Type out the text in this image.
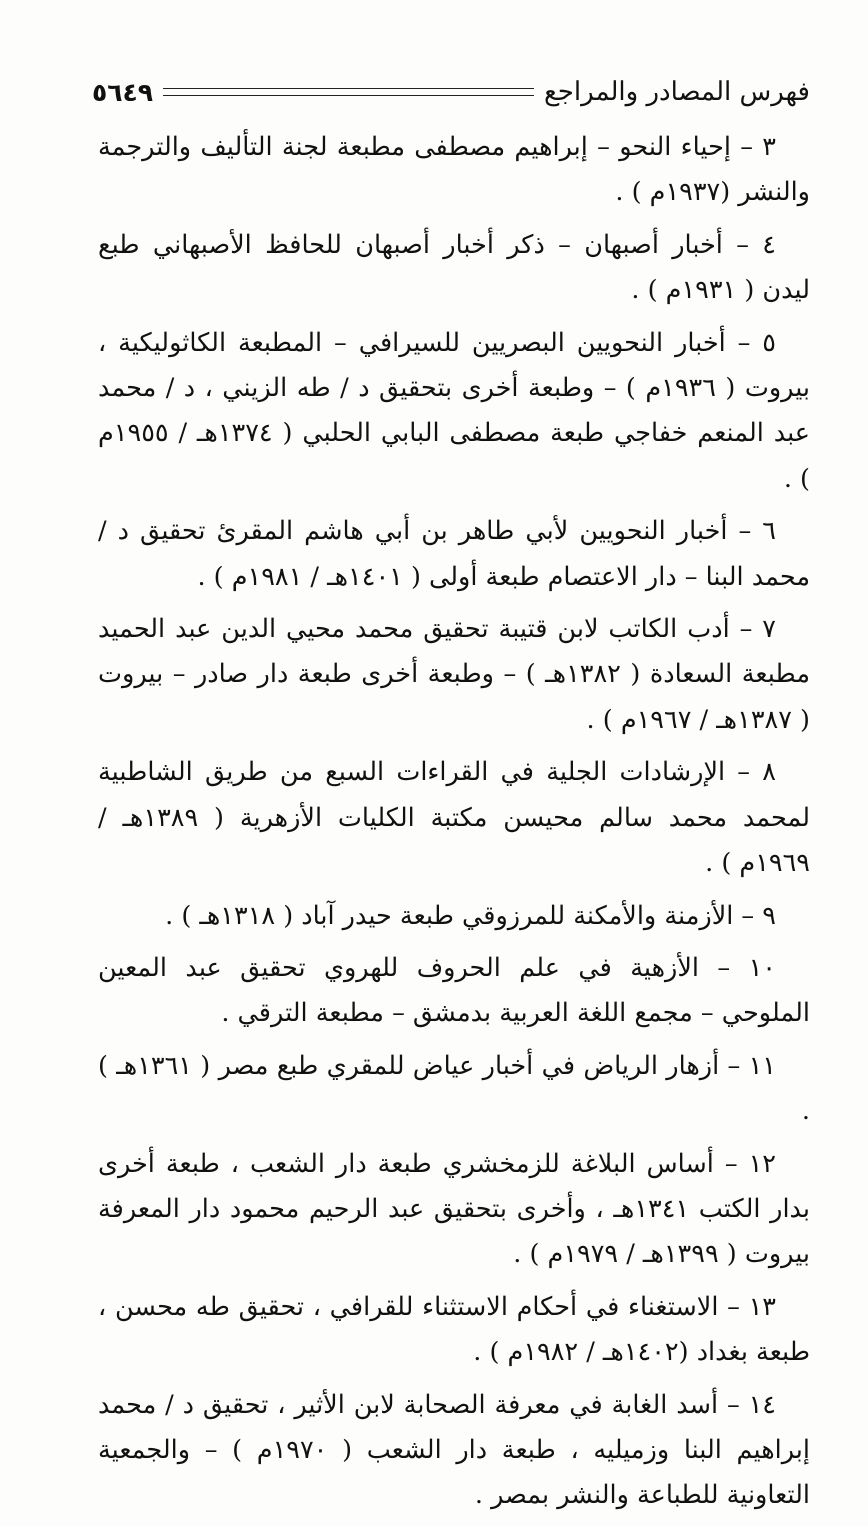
فهرس المصادر والمراجع
٥٦٤٩

٣ – إحياء النحو – إبراهيم مصطفى مطبعة لجنة التأليف والترجمة والنشر (١٩٣٧م ) .

٤ – أخبار أصبهان – ذكر أخبار أصبهان للحافظ الأصبهاني طبع ليدن ( ١٩٣١م ) .

٥ – أخبار النحويين البصريين للسيرافي – المطبعة الكاثوليكية ، بيروت ( ١٩٣٦م ) – وطبعة أخرى بتحقيق د / طه الزيني ، د / محمد عبد المنعم خفاجي طبعة مصطفى البابي الحلبي ( ١٣٧٤هـ / ١٩٥٥م ) .

٦ – أخبار النحويين لأبي طاهر بن أبي هاشم المقرئ تحقيق د / محمد البنا – دار الاعتصام طبعة أولى ( ١٤٠١هـ / ١٩٨١م ) .

٧ – أدب الكاتب لابن قتيبة تحقيق محمد محيي الدين عبد الحميد مطبعة السعادة ( ١٣٨٢هـ ) – وطبعة أخرى طبعة دار صادر – بيروت ( ١٣٨٧هـ / ١٩٦٧م ) .

٨ – الإرشادات الجلية في القراءات السبع من طريق الشاطبية لمحمد محمد سالم محيسن مكتبة الكليات الأزهرية ( ١٣٨٩هـ / ١٩٦٩م ) .

٩ – الأزمنة والأمكنة للمرزوقي طبعة حيدر آباد ( ١٣١٨هـ ) .

١٠ – الأزهية في علم الحروف للهروي تحقيق عبد المعين الملوحي – مجمع اللغة العربية بدمشق – مطبعة الترقي .

١١ – أزهار الرياض في أخبار عياض للمقري طبع مصر ( ١٣٦١هـ ) .

١٢ – أساس البلاغة للزمخشري طبعة دار الشعب ، طبعة أخرى بدار الكتب ١٣٤١هـ ، وأخرى بتحقيق عبد الرحيم محمود دار المعرفة بيروت ( ١٣٩٩هـ / ١٩٧٩م ) .

١٣ – الاستغناء في أحكام الاستثناء للقرافي ، تحقيق طه محسن ، طبعة بغداد (١٤٠٢هـ / ١٩٨٢م ) .

١٤ – أسد الغابة في معرفة الصحابة لابن الأثير ، تحقيق د / محمد إبراهيم البنا وزميليه ، طبعة دار الشعب ( ١٩٧٠م ) – والجمعية التعاونية للطباعة والنشر بمصر .
